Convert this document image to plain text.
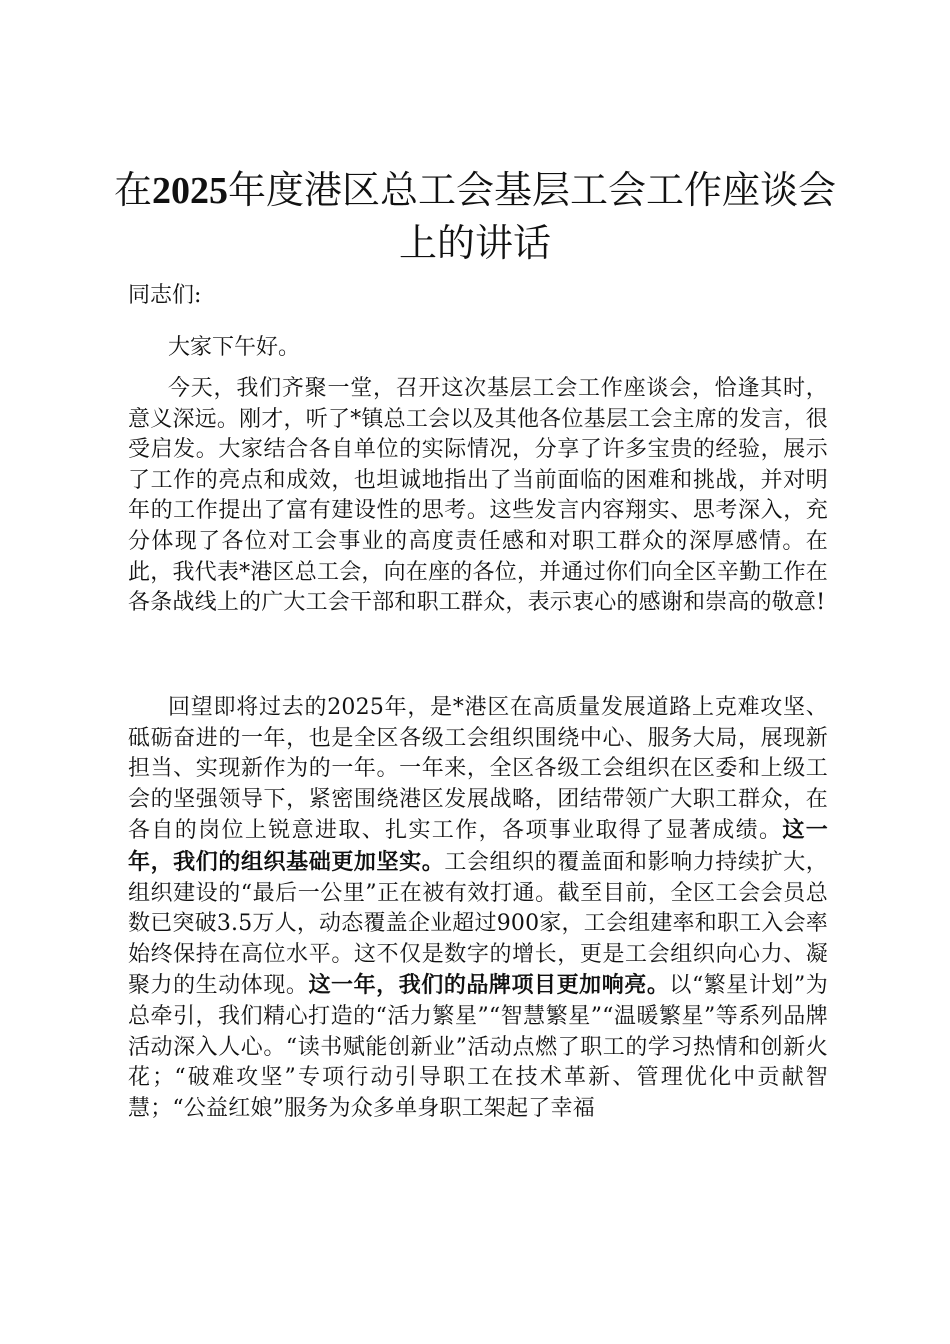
在2025年度港区总工会基层工会工作座谈会上的讲话

同志们:

大家下午好。

今天，我们齐聚一堂，召开这次基层工会工作座谈会，恰逢其时，意义深远。刚才，听了*镇总工会以及其他各位基层工会主席的发言，很受启发。大家结合各自单位的实际情况，分享了许多宝贵的经验，展示了工作的亮点和成效，也坦诚地指出了当前面临的困难和挑战，并对明年的工作提出了富有建设性的思考。这些发言内容翔实、思考深入，充分体现了各位对工会事业的高度责任感和对职工群众的深厚感情。在此，我代表*港区总工会，向在座的各位，并通过你们向全区辛勤工作在各条战线上的广大工会干部和职工群众，表示衷心的感谢和崇高的敬意!

回望即将过去的2025年，是*港区在高质量发展道路上克难攻坚、砥砺奋进的一年，也是全区各级工会组织围绕中心、服务大局，展现新担当、实现新作为的一年。一年来，全区各级工会组织在区委和上级工会的坚强领导下，紧密围绕港区发展战略，团结带领广大职工群众，在各自的岗位上锐意进取、扎实工作，各项事业取得了显著成绩。这一年，我们的组织基础更加坚实。工会组织的覆盖面和影响力持续扩大，组织建设的“最后一公里”正在被有效打通。截至目前，全区工会会员总数已突破3.5万人，动态覆盖企业超过900家，工会组建率和职工入会率始终保持在高位水平。这不仅是数字的增长，更是工会组织向心力、凝聚力的生动体现。这一年，我们的品牌项目更加响亮。以“繁星计划”为总牵引，我们精心打造的“活力繁星”“智慧繁星”“温暖繁星”等系列品牌活动深入人心。“读书赋能创新业”活动点燃了职工的学习热情和创新火花；“破难攻坚”专项行动引导职工在技术革新、管理优化中贡献智慧；“公益红娘”服务为众多单身职工架起了幸福
